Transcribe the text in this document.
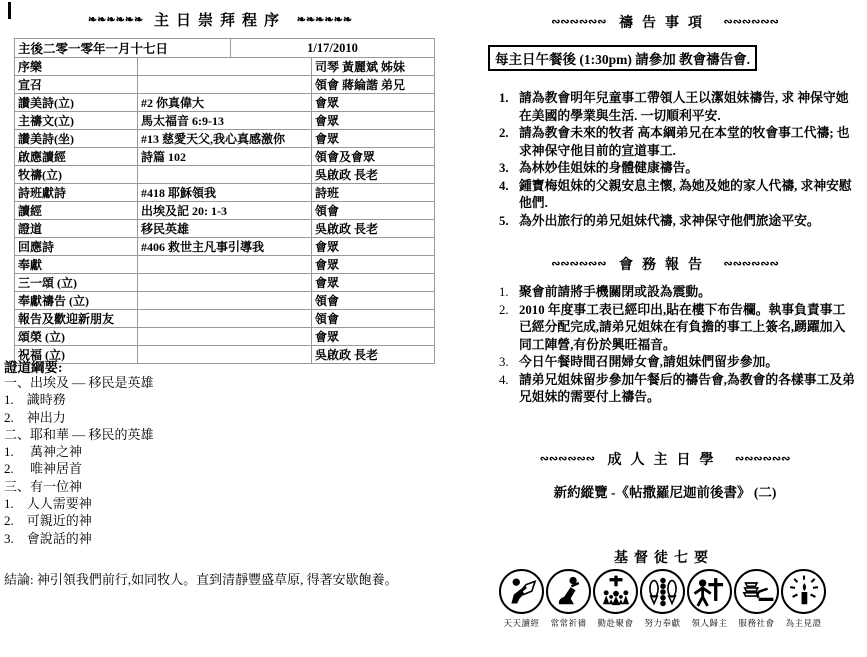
❧❧❧❧❧❧ 主日崇拜程序 ❧❧❧❧❧❧
主後二零一零年一月十七日		1/17/2010	
序樂			司琴 黃麗斌 姊妹
宣召			領會 蔣綸諧 弟兄
讚美詩(立)	#2 你真偉大		會眾
主禱文(立)	馬太福音 6:9-13		會眾
讚美詩(坐)	#13 慈愛天父,我心真感激你		會眾
啟應讀經	詩篇 102		領會及會眾
牧禱(立)			吳啟政 長老
詩班獻詩	#418 耶穌領我		詩班
讀經	出埃及記 20: 1-3		領會
證道	移民英雄		吳啟政 長老
回應詩	#406 救世主凡事引導我		會眾
奉獻			會眾
三一頌 (立)			會眾
奉獻禱告 (立)			領會
報告及歡迎新朋友			領會
頌榮 (立)			會眾
祝福 (立)			吳啟政 長老
證道綱要:
一、出埃及 — 移民是英雄
1.    識時務
2.    神出力
二、耶和華 — 移民的英雄
1.     萬神之神
2.     唯神居首
三、有一位神
1.    人人需要神
2.    可親近的神
3.    會說話的神
結論: 神引領我們前行,如同牧人。直到清靜豐盛草原, 得著安歇飽養。
∾∾∾∾∾∾ 禱告事項 ∾∾∾∾∾∾
每主日午餐後 (1:30pm) 請參加 教會禱告會.
1. 請為教會明年兒童事工帶領人王以潔姐妹禱告, 求 神保守她在美國的學業與生活. 一切順利平安.
2. 請為教會未來的牧者 高本綱弟兄在本堂的牧會事工代禱; 也求神保守他目前的宣道事工.
3. 為林妙佳姐妹的身體健康禱告。
4. 鍾寶梅姐妹的父親安息主懷, 為她及她的家人代禱, 求神安慰他們.
5. 為外出旅行的弟兄姐妹代禱, 求神保守他們旅途平安。
∾∾∾∾∾∾ 會務報告 ∾∾∾∾∾∾
1. 聚會前請將手機關閉或設為震動。
2. 2010 年度事工表已經印出,貼在樓下布告欄。執事負責事工已經分配完成,請弟兄姐妹在有負擔的事工上簽名,踴躍加入同工陣營,有份於興旺福音。
3. 今日午餐時間召開婦女會,請姐妹們留步參加。
4. 請弟兄姐妹留步參加午餐后的禱告會,為教會的各樣事工及弟兄姐妹的需要付上禱告。
∾∾∾∾∾∾ 成人主日學 ∾∾∾∾∾∾
新約縱覽 -《帖撒羅尼迦前後書》 (二)
基督徒七要
天天讀經	常常祈禱	勤赴聚會	努力奉獻	領人歸主	服務社會	為主見證
